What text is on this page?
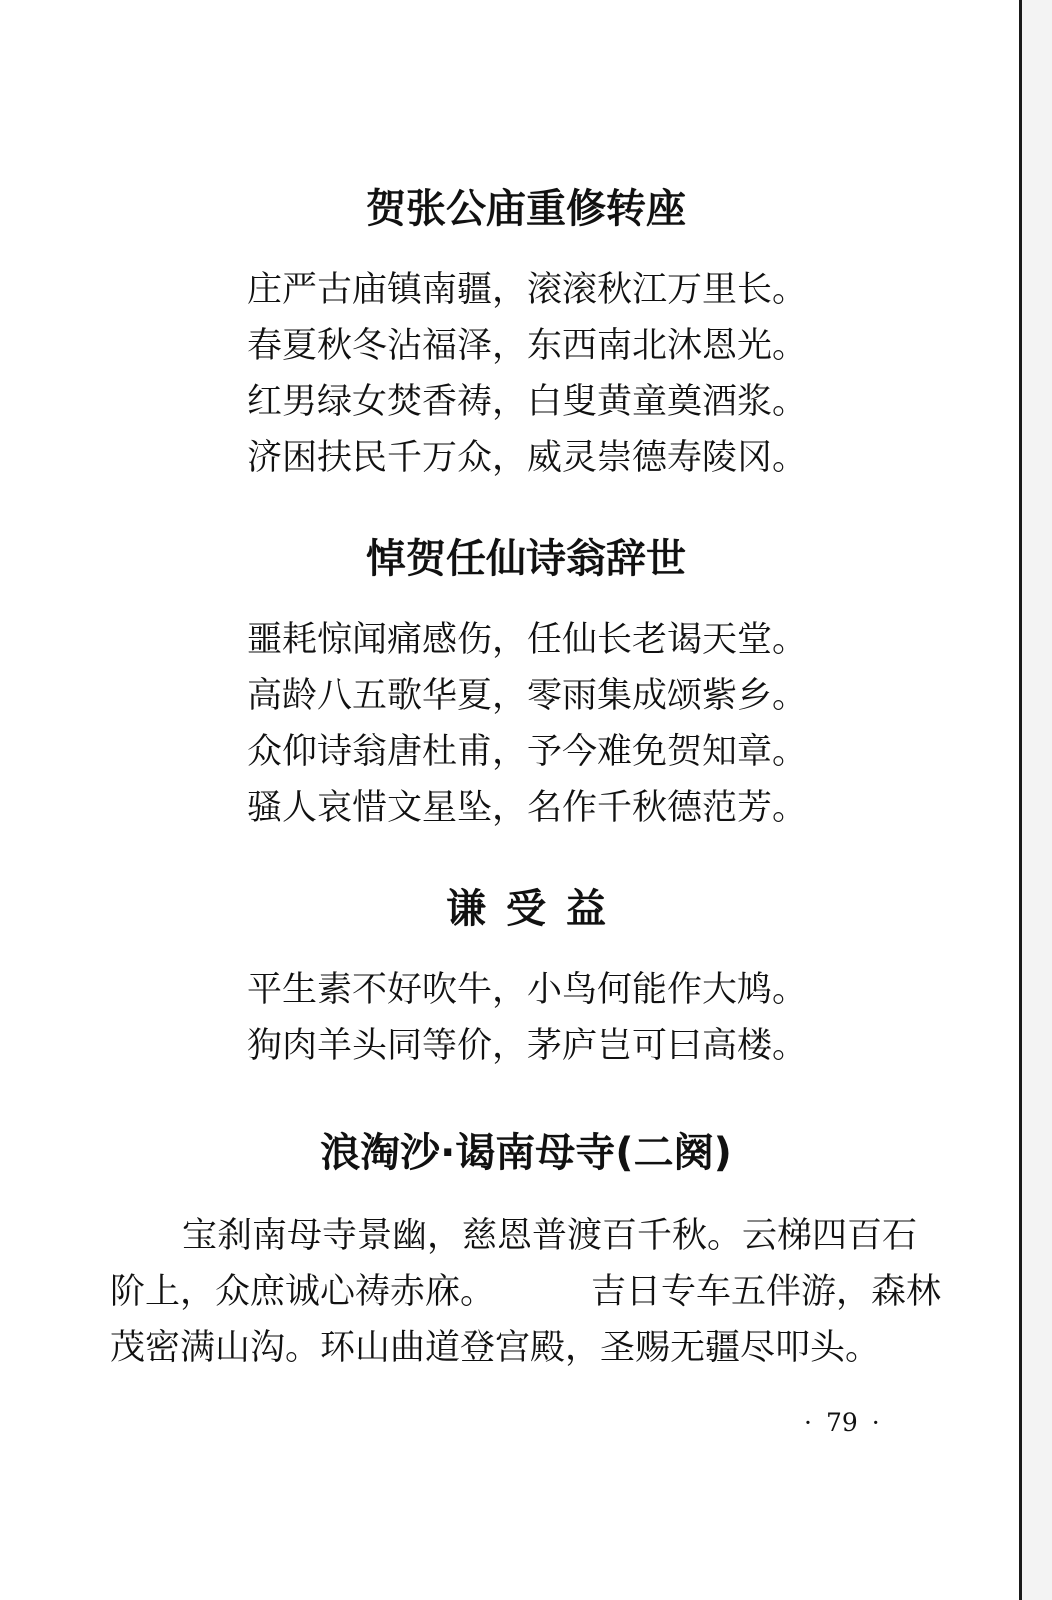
贺张公庙重修转座
庄严古庙镇南疆，滚滚秋江万里长。
春夏秋冬沾福泽，东西南北沐恩光。
红男绿女焚香祷，白叟黄童奠酒浆。
济困扶民千万众，威灵崇德寿陵冈。
悼贺任仙诗翁辞世
噩耗惊闻痛感伤，任仙长老谒天堂。
高龄八五歌华夏，零雨集成颂紫乡。
众仰诗翁唐杜甫，予今难免贺知章。
骚人哀惜文星坠，名作千秋德范芳。
谦受益
平生素不好吹牛，小鸟何能作大鸠。
狗肉羊头同等价，茅庐岂可曰高楼。
浪淘沙·谒南母寺(二阕)
宝刹南母寺景幽，慈恩普渡百千秋。云梯四百石
阶上，众庶诚心祷赤庥。	吉日专车五伴游，森林
茂密满山沟。环山曲道登宫殿，圣赐无疆尽叩头。
· 79 ·
